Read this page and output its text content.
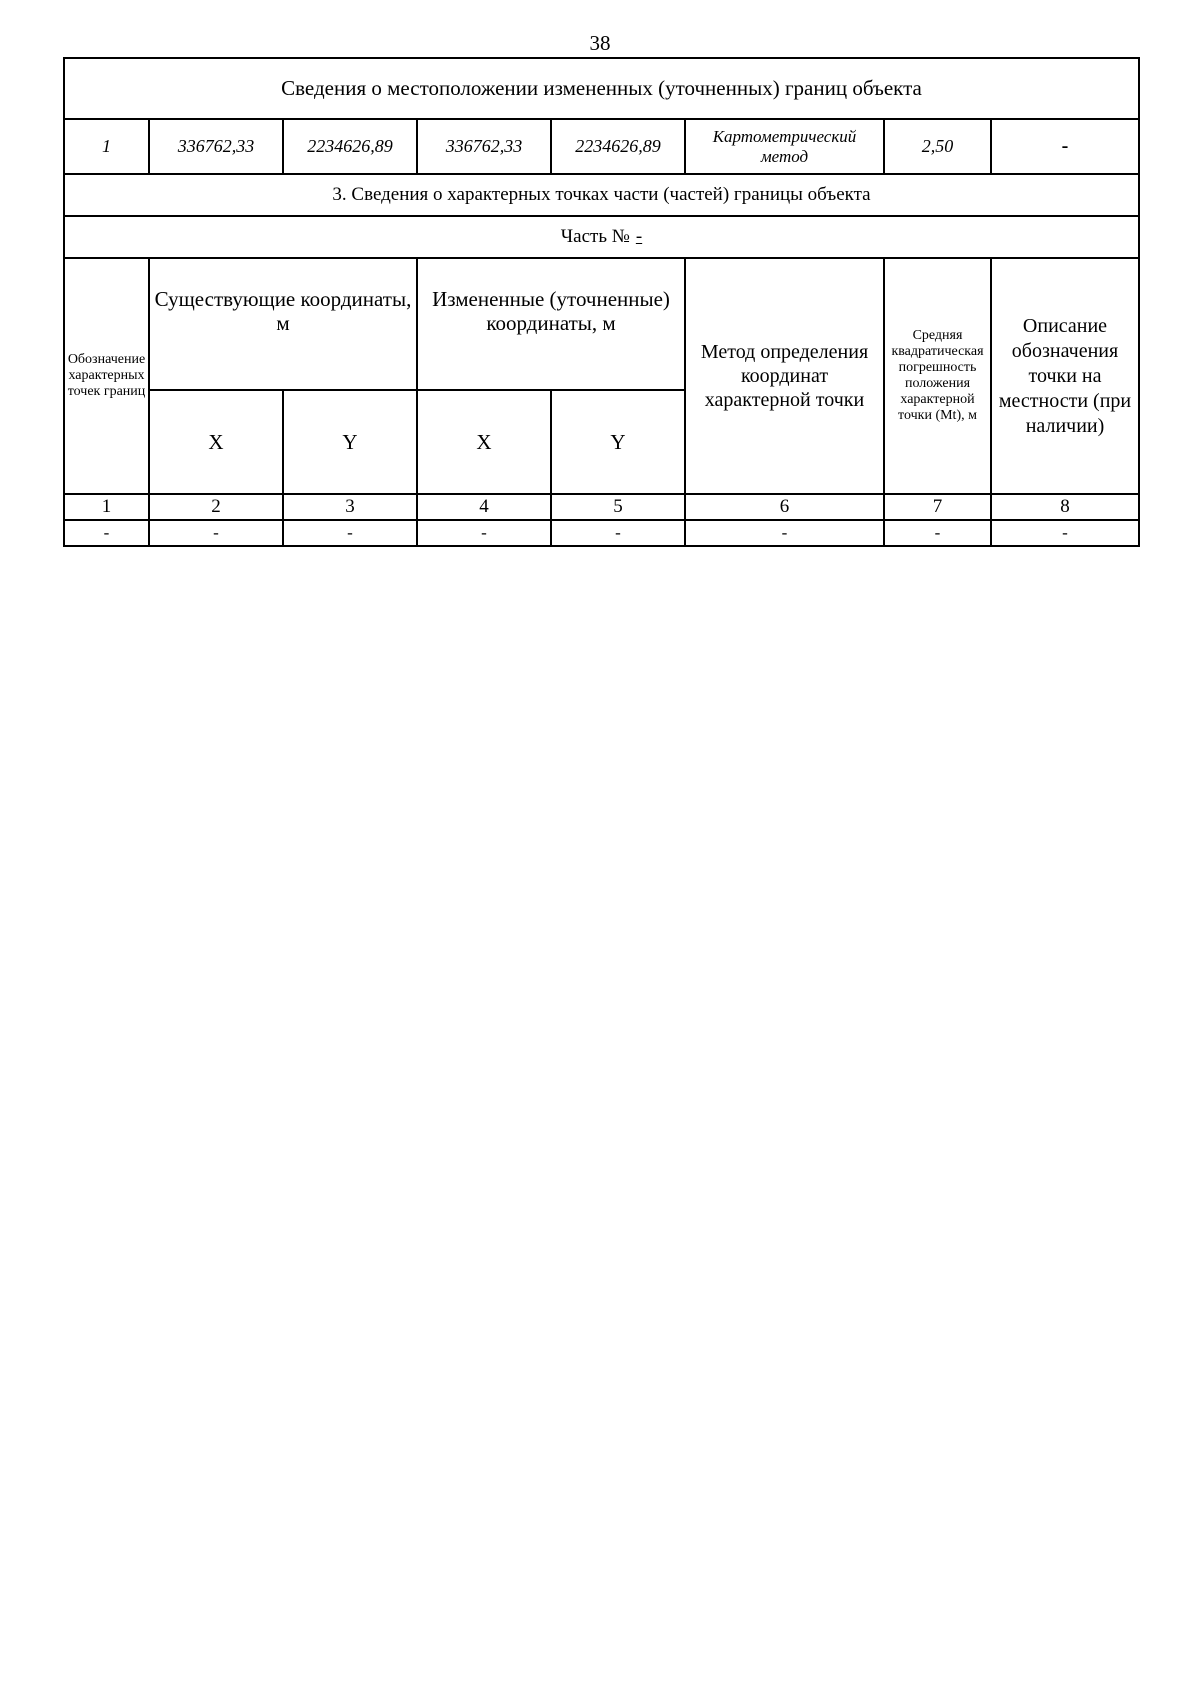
38
Сведения о местоположении измененных (уточненных) границ объекта							
1	336762,33	2234626,89	336762,33	2234626,89	Картометрический метод	2,50	-
3. Сведения о характерных точках части (частей) границы объекта							
Часть № -							
Обозначение характерных точек границ	Существующие координаты, м		Измененные (уточненные) координаты, м		Метод определения координат характерной точки	Средняя квадратическая погрешность положения характерной точки (Mt), м	Описание обозначения точки на местности (при наличии)
	X	Y	X	Y			
1	2	3	4	5	6	7	8
-	-	-	-	-	-	-	-
